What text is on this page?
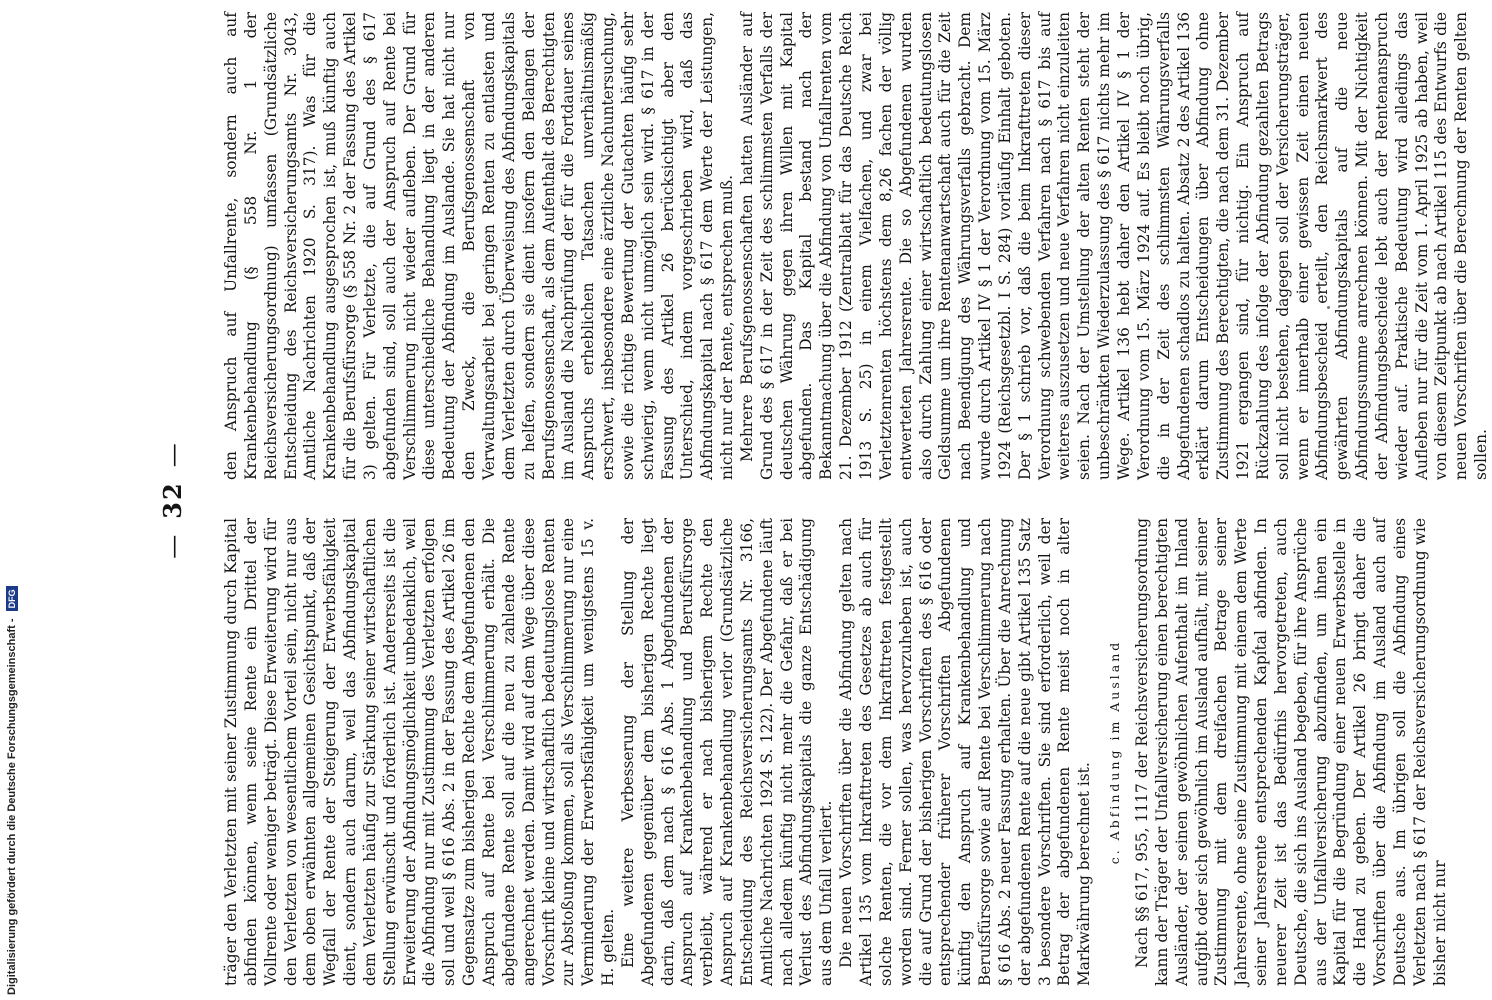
Digitalisierung gefördert durch die Deutsche Forschungsgemeinschaft - DFG
—32—

träger den Verletzten mit seiner Zustimmung durch Kapital abfinden können, wenn seine Rente ein Drittel der Vollrente oder weniger beträgt. Diese Erweiterung wird für den Verletzten von wesentlichem Vorteil sein, nicht nur aus dem oben erwähnten allgemeinen Gesichtspunkt, daß der Wegfall der Rente der Steigerung der Erwerbsfähigkeit dient, sondern auch darum, weil das Abfindungskapital dem Verletzten häufig zur Stärkung seiner wirtschaftlichen Stellung erwünscht und förderlich ist. Andererseits ist die Erweiterung der Abfindungsmöglichkeit unbedenklich, weil die Abfindung nur mit Zustimmung des Verletzten erfolgen soll und weil § 616 Abs. 2 in der Fassung des Artikel 26 im Gegensatze zum bisherigen Rechte dem Abgefundenen den Anspruch auf Rente bei Verschlimmerung erhält. Die abgefundene Rente soll auf die neu zu zahlende Rente angerechnet werden. Damit wird auf dem Wege über diese Vorschrift kleine und wirtschaftlich bedeutungslose Renten zur Abstoßung kommen, soll als Verschlimmerung nur eine Verminderung der Erwerbsfähigkeit um wenigstens 15 v. H. gelten. Eine weitere Verbesserung der Stellung der Abgefundenen gegenüber dem bisherigen Rechte liegt darin, daß dem nach § 616 Abs. 1 Abgefundenen der Anspruch auf Krankenbehandlung und Berufsfürsorge verbleibt, während er nach bisherigem Rechte den Anspruch auf Krankenbehandlung verlor (Grundsätzliche Entscheidung des Reichsversicherungsamts Nr. 3166, Amtliche Nachrichten 1924 S. 122). Der Abgefundene läuft nach alledem künftig nicht mehr die Gefahr, daß er bei Verlust des Abfindungskapitals die ganze Entschädigung aus dem Unfall verliert. Die neuen Vorschriften über die Abfindung gelten nach Artikel 135 vom Inkrafttreten des Gesetzes ab auch für solche Renten, die vor dem Inkrafttreten festgestellt worden sind. Ferner sollen, was hervorzuheben ist, auch die auf Grund der bisherigen Vorschriften des § 616 oder entsprechender früherer Vorschriften Abgefundenen künftig den Anspruch auf Krankenbehandlung und Berufsfürsorge sowie auf Rente bei Verschlimmerung nach § 616 Abs. 2 neuer Fassung erhalten. Über die Anrechnung der abgefundenen Rente auf die neue gibt Artikel 135 Satz 3 besondere Vorschriften. Sie sind erforderlich, weil der Betrag der abgefundenen Rente meist noch in alter Markwährung berechnet ist.

c. Abfindung im Ausland Nach §§ 617, 955, 1117 der Reichsversicherungsordnung kann der Träger der Unfallversicherung einen berechtigten Ausländer, der seinen gewöhnlichen Aufenthalt im Inland aufgibt oder sich gewöhnlich im Ausland aufhält, mit seiner Zustimmung mit dem dreifachen Betrage seiner Jahresrente, ohne seine Zustimmung mit einem dem Werte seiner Jahresrente entsprechenden Kapital abfinden. In neuerer Zeit ist das Bedürfnis hervorgetreten, auch Deutsche, die sich ins Ausland begeben, für ihre Ansprüche aus der Unfallversicherung abzufinden, um ihnen ein Kapital für die Begründung einer neuen Erwerbsstelle in die Hand zu geben. Der Artikel 26 bringt daher die Vorschriften über die Abfindung im Ausland auch auf Deutsche aus. Im übrigen soll die Abfindung eines Verletzten nach § 617 der Reichsversicherungsordnung wie bisher nicht nur

den Anspruch auf Unfallrente, sondern auch auf Krankenbehandlung (§ 558 Nr. 1 der Reichsversicherungsordnung) umfassen (Grundsätzliche Entscheidung des Reichsversicherungsamts Nr. 3043, Amtliche Nachrichten 1920 S. 317). Was für die Krankenbehandlung ausgesprochen ist, muß künftig auch für die Berufsfürsorge (§ 558 Nr. 2 der Fassung des Artikel 3) gelten. Für Verletzte, die auf Grund des § 617 abgefunden sind, soll auch der Anspruch auf Rente bei Verschlimmerung nicht wieder aufleben. Der Grund für diese unterschiedliche Behandlung liegt in der anderen Bedeutung der Abfindung im Auslande. Sie hat nicht nur den Zweck, die Berufsgenossenschaft von Verwaltungsarbeit bei geringen Renten zu entlasten und dem Verletzten durch Überweisung des Abfindungskapitals zu helfen, sondern sie dient insofern den Belangen der Berufsgenossenschaft, als dem Aufenthalt des Berechtigten im Ausland die Nachprüfung der für die Fortdauer seines Anspruchs erheblichen Tatsachen unverhältnismäßig erschwert, insbesondere eine ärztliche Nachuntersuchung, sowie die richtige Bewertung der Gutachten häufig sehr schwierig, wenn nicht unmöglich sein wird. § 617 in der Fassung des Artikel 26 berücksichtigt aber den Unterschied, indem vorgeschrieben wird, daß das Abfindungskapital nach § 617 dem Werte der Leistungen, nicht nur der Rente, entsprechen muß. Mehrere Berufsgenossenschaften hatten Ausländer auf Grund des § 617 in der Zeit des schlimmsten Verfalls der deutschen Währung gegen ihren Willen mit Kapital abgefunden. Das Kapital bestand nach der Bekanntmachung über die Abfindung von Unfallrenten vom 21. Dezember 1912 (Zentralblatt für das Deutsche Reich 1913 S. 25) in einem Vielfachen, und zwar bei Verletztenrenten höchstens dem 8,26 fachen der völlig entwerteten Jahresrente. Die so Abgefundenen wurden also durch Zahlung einer wirtschaftlich bedeutungslosen Geldsumme um ihre Rentenanwartschaft auch für die Zeit nach Beendigung des Währungsverfalls gebracht. Dem wurde durch Artikel IV § 1 der Verordnung vom 15. März 1924 (Reichsgesetzbl. I S. 284) vorläufig Einhalt geboten. Der § 1 schrieb vor, daß die beim Inkrafttreten dieser Verordnung schwebenden Verfahren nach § 617 bis auf weiteres auszusetzen und neue Verfahren nicht einzuleiten seien. Nach der Umstellung der alten Renten steht der unbeschränkten Wiederzulassung des § 617 nichts mehr im Wege. Artikel 136 hebt daher den Artikel IV § 1 der Verordnung vom 15. März 1924 auf. Es bleibt noch übrig, die in der Zeit des schlimmsten Währungsverfalls Abgefundenen schadlos zu halten. Absatz 2 des Artikel 136 erklärt darum Entscheidungen über Abfindung ohne Zustimmung des Berechtigten, die nach dem 31. Dezember 1921 ergangen sind, für nichtig. Ein Anspruch auf Rückzahlung des infolge der Abfindung gezahlten Betrags soll nicht bestehen, dagegen soll der Versicherungsträger, wenn er innerhalb einer gewissen Zeit einen neuen Abfindungsbescheid erteilt, den Reichsmarkwert des gewährten Abfindungskapitals auf die neue Abfindungssumme anrechnen können. Mit der Nichtigkeit der Abfindungsbescheide lebt auch der Rentenanspruch wieder auf. Praktische Bedeutung wird alledings das Aufleben nur für die Zeit vom 1. April 1925 ab haben, weil von diesem Zeitpunkt ab nach Artikel 115 des Entwurfs die neuen Vorschriften über die Berechnung der Renten gelten sollen.
